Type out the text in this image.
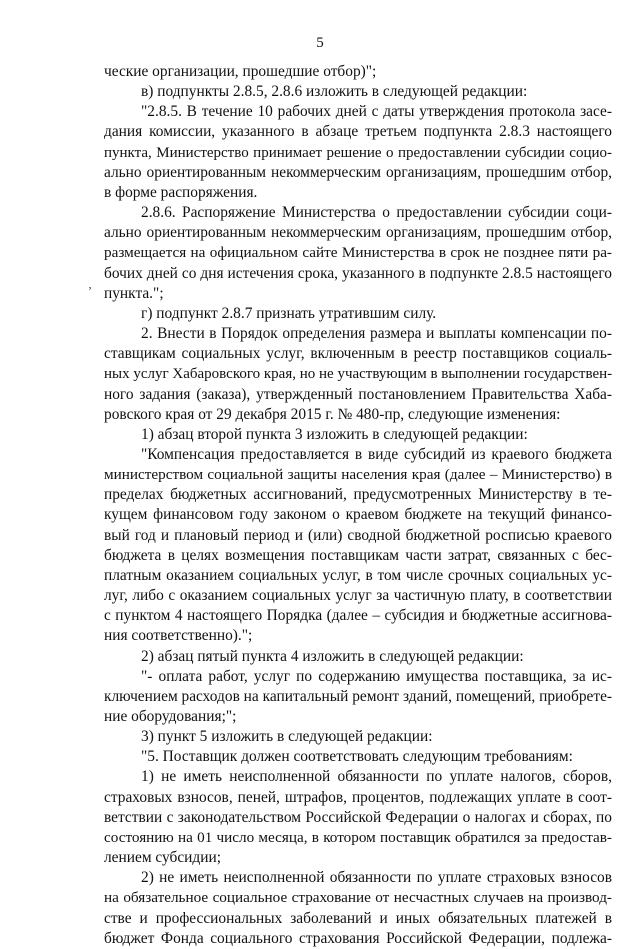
5
‚
ческие организации, прошедшие отбор)";
в) подпункты 2.8.5, 2.8.6 изложить в следующей редакции:
"2.8.5. В течение 10 рабочих дней с даты утверждения протокола засе-
дания комиссии, указанного в абзаце третьем подпункта 2.8.3 настоящего
пункта, Министерство принимает решение о предоставлении субсидии социо-
ально ориентированным некоммерческим организациям, прошедшим отбор,
в форме распоряжения.
2.8.6. Распоряжение Министерства о предоставлении субсидии соци-
ально ориентированным некоммерческим организациям, прошедшим отбор,
размещается на официальном сайте Министерства в срок не позднее пяти ра-
бочих дней со дня истечения срока, указанного в подпункте 2.8.5 настоящего
пункта.";
г) подпункт 2.8.7 признать утратившим силу.
2. Внести в Порядок определения размера и выплаты компенсации по-
ставщикам социальных услуг, включенным в реестр поставщиков социаль-
ных услуг Хабаровского края, но не участвующим в выполнении государствен-
ного задания (заказа), утвержденный постановлением Правительства Хаба-
ровского края от 29 декабря 2015 г. № 480-пр, следующие изменения:
1) абзац второй пункта 3 изложить в следующей редакции:
"Компенсация предоставляется в виде субсидий из краевого бюджета
министерством социальной защиты населения края (далее – Министерство) в
пределах бюджетных ассигнований, предусмотренных Министерству в те-
кущем финансовом году законом о краевом бюджете на текущий финансо-
вый год и плановый период и (или) сводной бюджетной росписью краевого
бюджета в целях возмещения поставщикам части затрат, связанных с бес-
платным оказанием социальных услуг, в том числе срочных социальных ус-
луг, либо с оказанием социальных услуг за частичную плату, в соответствии
с пунктом 4 настоящего Порядка (далее – субсидия и бюджетные ассигнова-
ния соответственно).";
2) абзац пятый пункта 4 изложить в следующей редакции:
"- оплата работ, услуг по содержанию имущества поставщика, за ис-
ключением расходов на капитальный ремонт зданий, помещений, приобрете-
ние оборудования;";
3) пункт 5 изложить в следующей редакции:
"5. Поставщик должен соответствовать следующим требованиям:
1) не иметь неисполненной обязанности по уплате налогов, сборов,
страховых взносов, пеней, штрафов, процентов, подлежащих уплате в соот-
ветствии с законодательством Российской Федерации о налогах и сборах, по
состоянию на 01 число месяца, в котором поставщик обратился за предостав-
лением субсидии;
2) не иметь неисполненной обязанности по уплате страховых взносов
на обязательное социальное страхование от несчастных случаев на производ-
стве и профессиональных заболеваний и иных обязательных платежей в
бюджет Фонда социального страхования Российской Федерации, подлежа-
